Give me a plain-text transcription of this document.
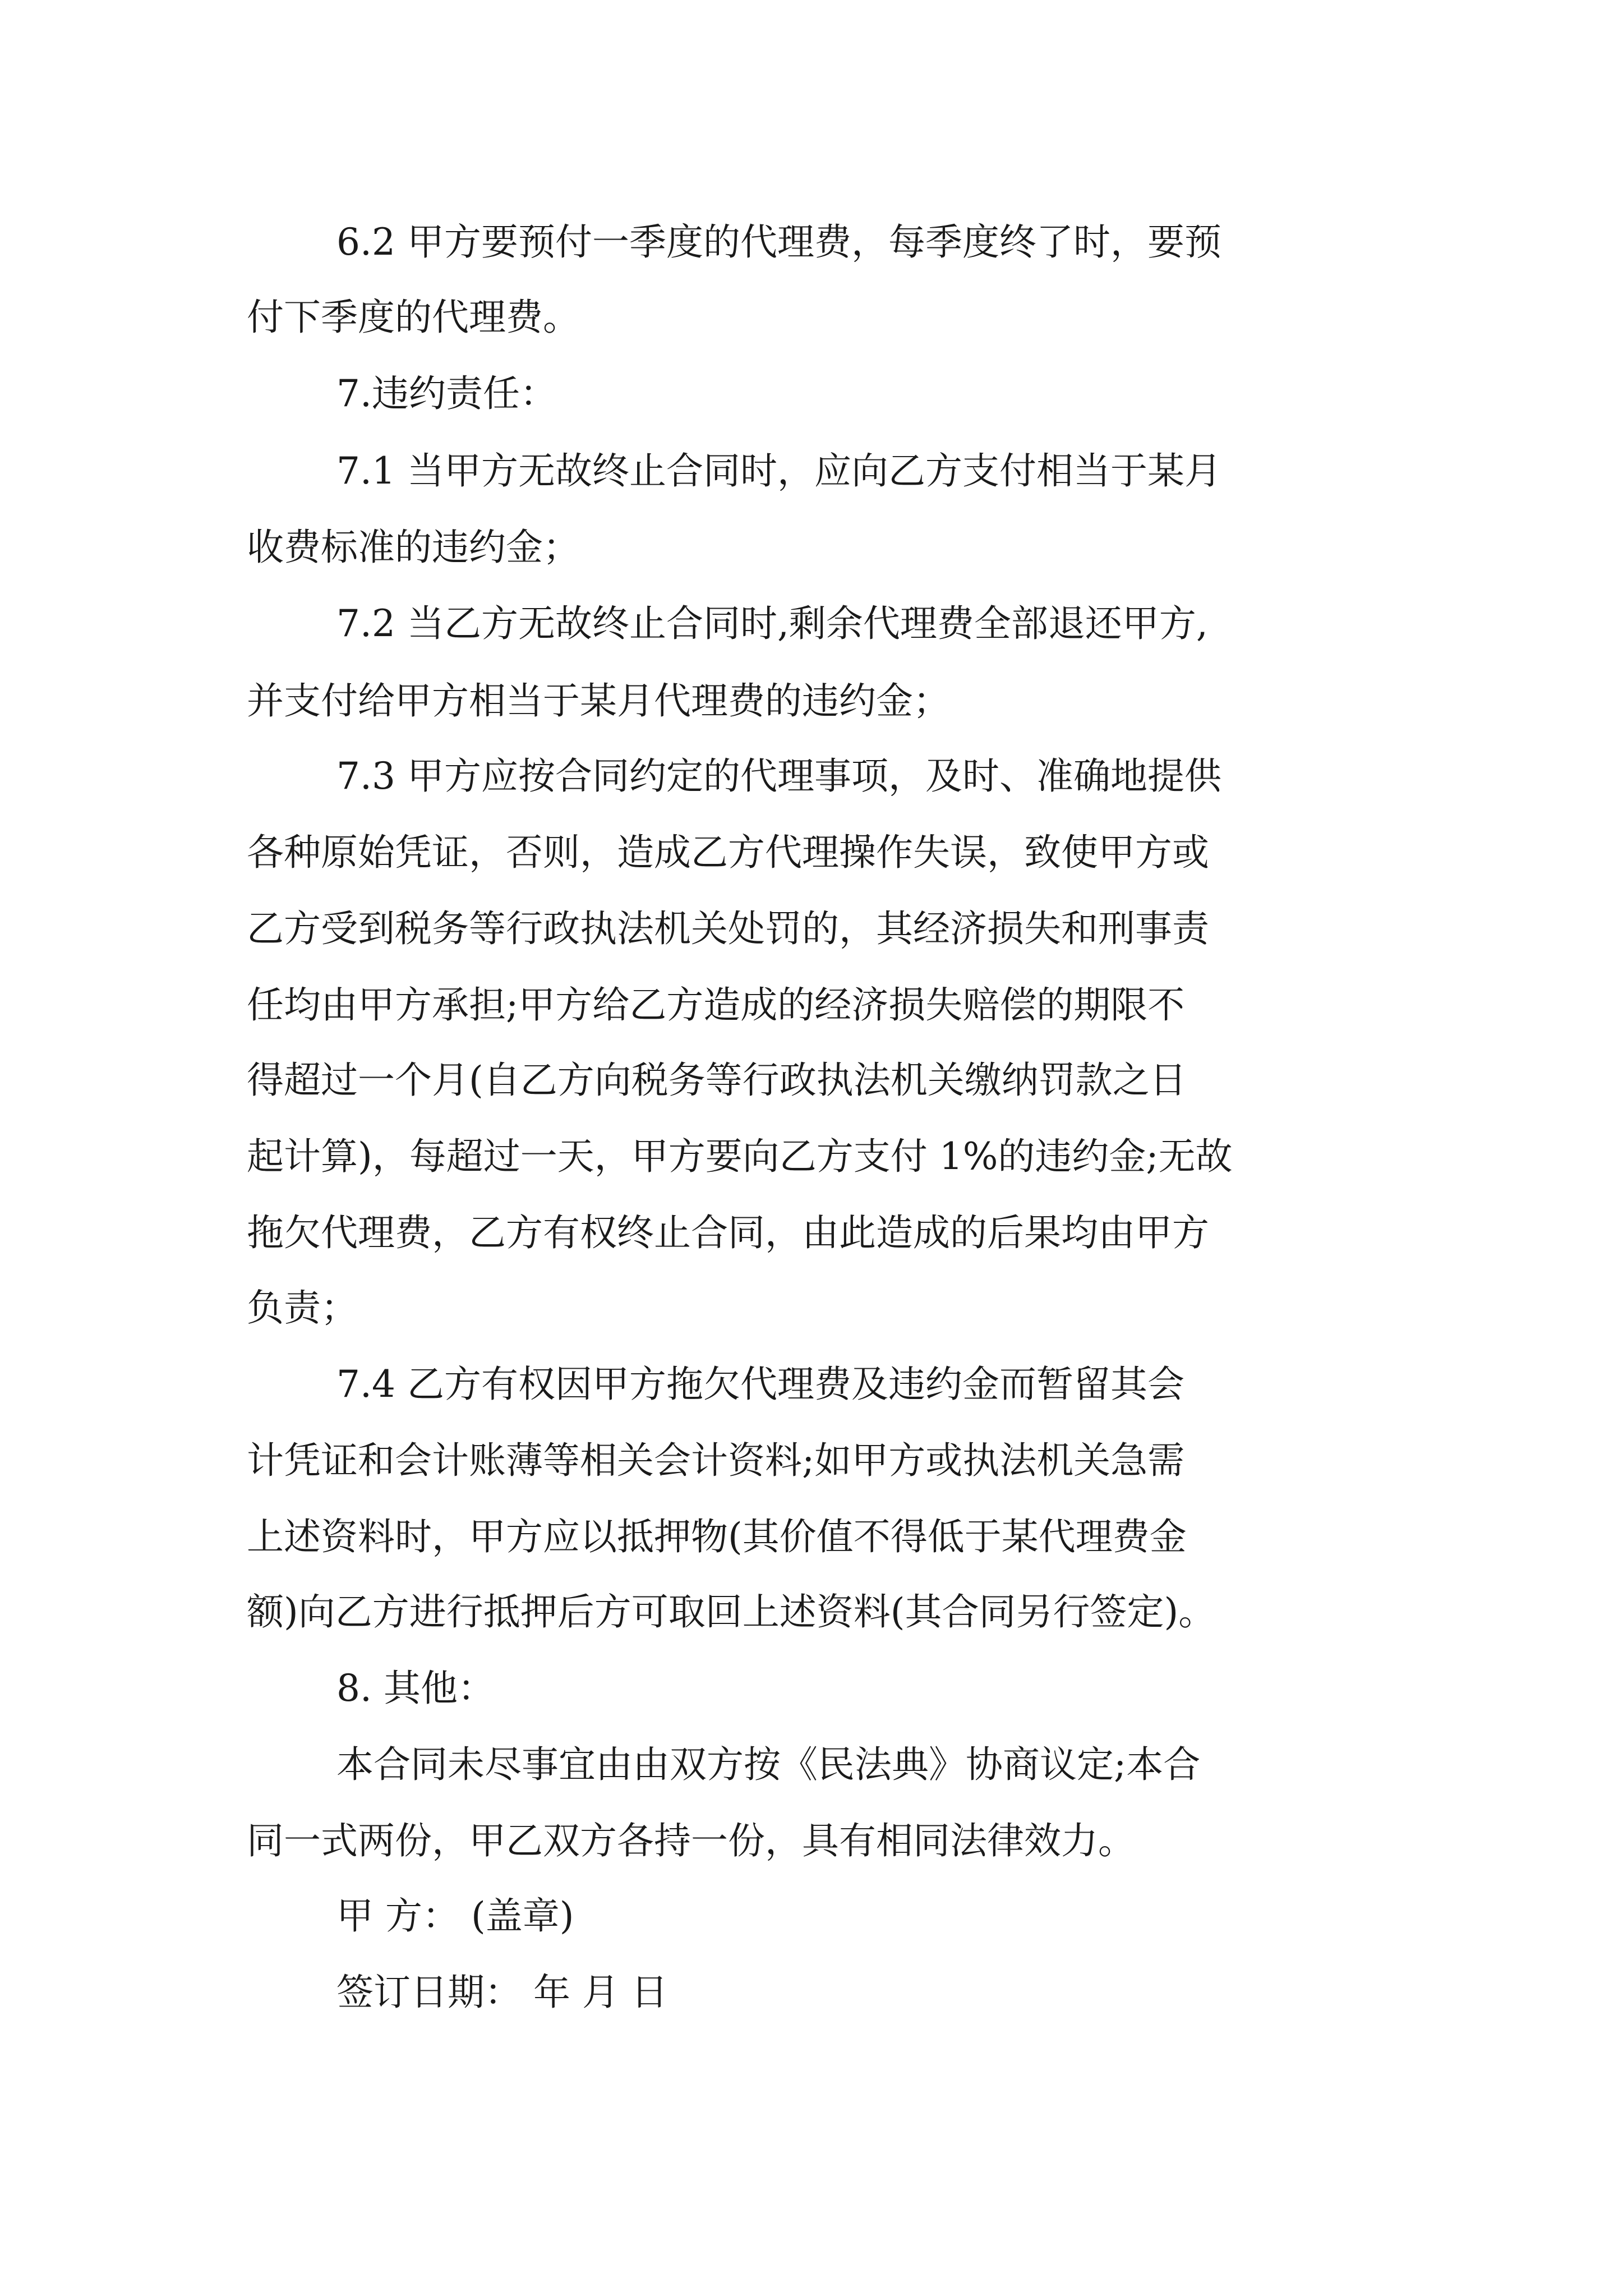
6.2 甲方要预付一季度的代理费，每季度终了时，要预
付下季度的代理费。
7.违约责任：
7.1 当甲方无故终止合同时，应向乙方支付相当于某月
收费标准的违约金；
7.2 当乙方无故终止合同时,剩余代理费全部退还甲方,
并支付给甲方相当于某月代理费的违约金；
7.3 甲方应按合同约定的代理事项，及时、准确地提供
各种原始凭证，否则，造成乙方代理操作失误，致使甲方或
乙方受到税务等行政执法机关处罚的，其经济损失和刑事责
任均由甲方承担;甲方给乙方造成的经济损失赔偿的期限不
得超过一个月(自乙方向税务等行政执法机关缴纳罚款之日
起计算)，每超过一天，甲方要向乙方支付 1%的违约金;无故
拖欠代理费，乙方有权终止合同，由此造成的后果均由甲方
负责；
7.4 乙方有权因甲方拖欠代理费及违约金而暂留其会
计凭证和会计账薄等相关会计资料;如甲方或执法机关急需
上述资料时，甲方应以抵押物(其价值不得低于某代理费金
额)向乙方进行抵押后方可取回上述资料(其合同另行签定)。
8. 其他：
本合同未尽事宜由由双方按《民法典》协商议定;本合
同一式两份，甲乙双方各持一份，具有相同法律效力。
甲 方： (盖章)
签订日期： 年 月 日
